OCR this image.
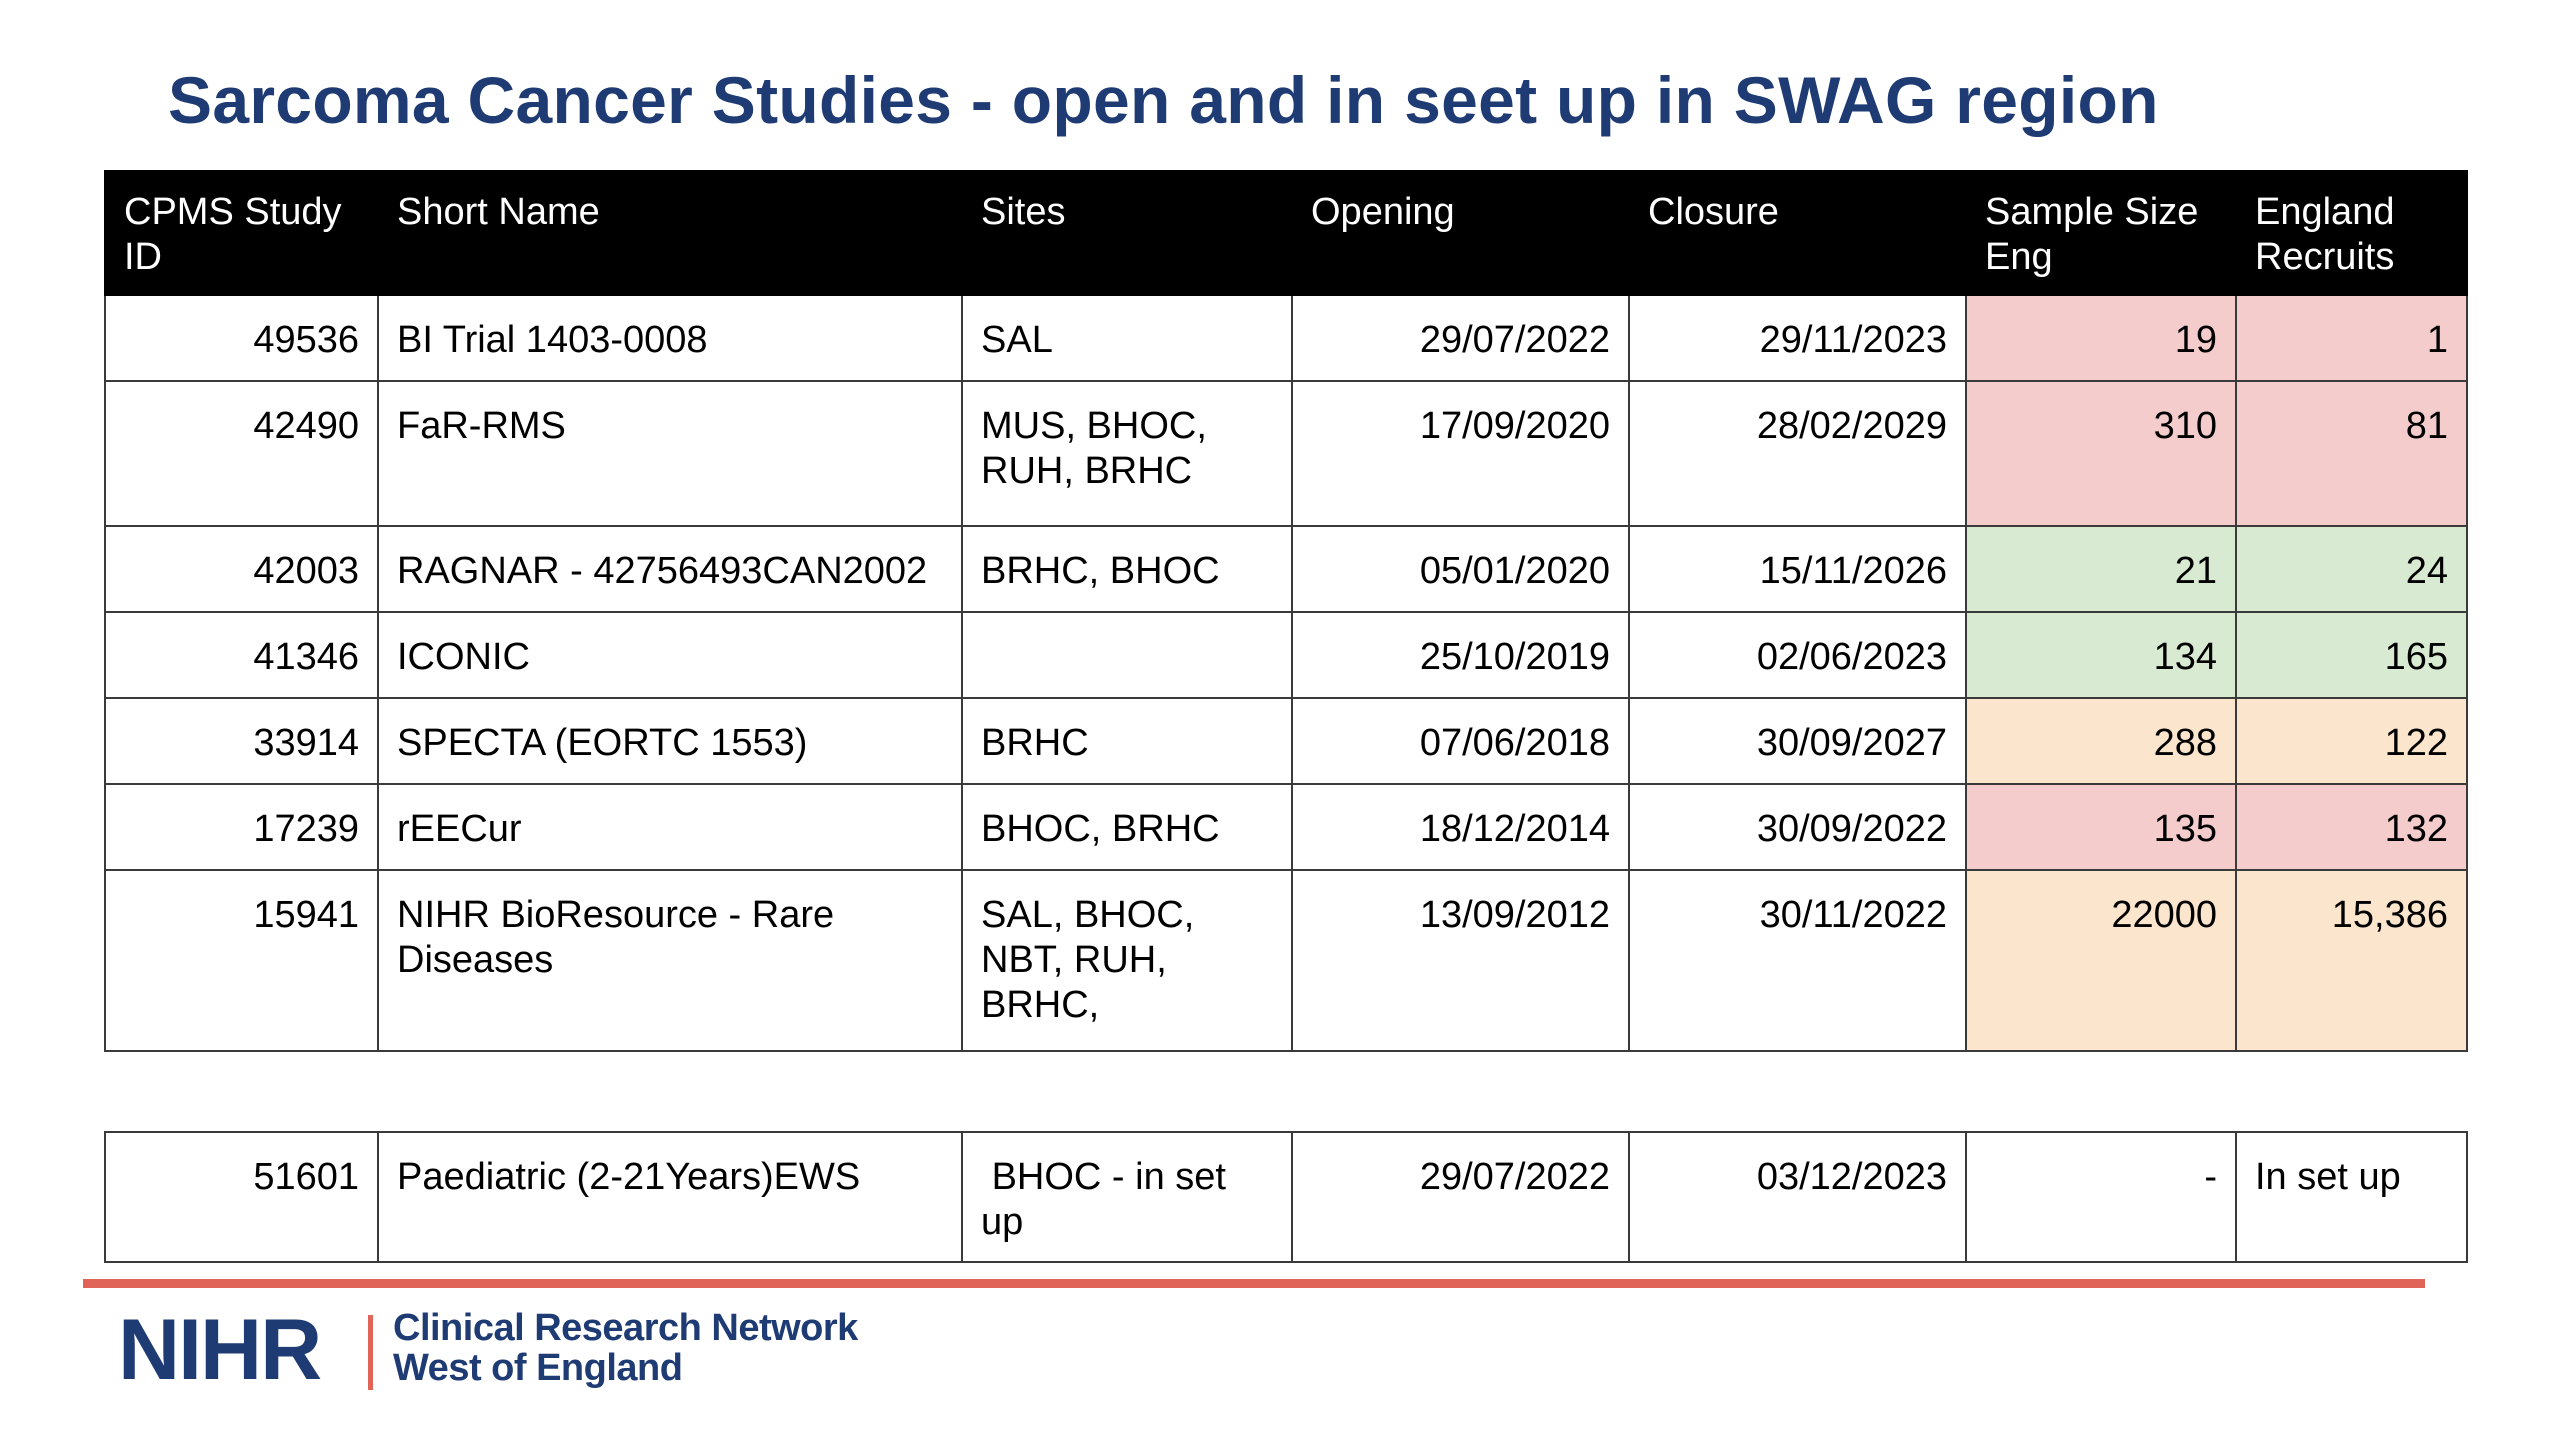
Sarcoma Cancer Studies - open and in seet up in SWAG region
CPMS Study ID	Short Name	Sites	Opening	Closure	Sample Size Eng	England Recruits
49536	BI Trial 1403-0008	SAL	29/07/2022	29/11/2023	19	1
42490	FaR-RMS	MUS, BHOC, RUH, BRHC	17/09/2020	28/02/2029	310	81
42003	RAGNAR - 42756493CAN2002	BRHC, BHOC	05/01/2020	15/11/2026	21	24
41346	ICONIC		25/10/2019	02/06/2023	134	165
33914	SPECTA (EORTC 1553)	BRHC	07/06/2018	30/09/2027	288	122
17239	rEECur	BHOC, BRHC	18/12/2014	30/09/2022	135	132
15941	NIHR BioResource - Rare Diseases	SAL, BHOC, NBT, RUH, BRHC,	13/09/2012	30/11/2022	22000	15,386
51601	Paediatric (2-21Years)EWS	BHOC - in set up	29/07/2022	03/12/2023	-	In set up
NIHR Clinical Research Network
West of England
